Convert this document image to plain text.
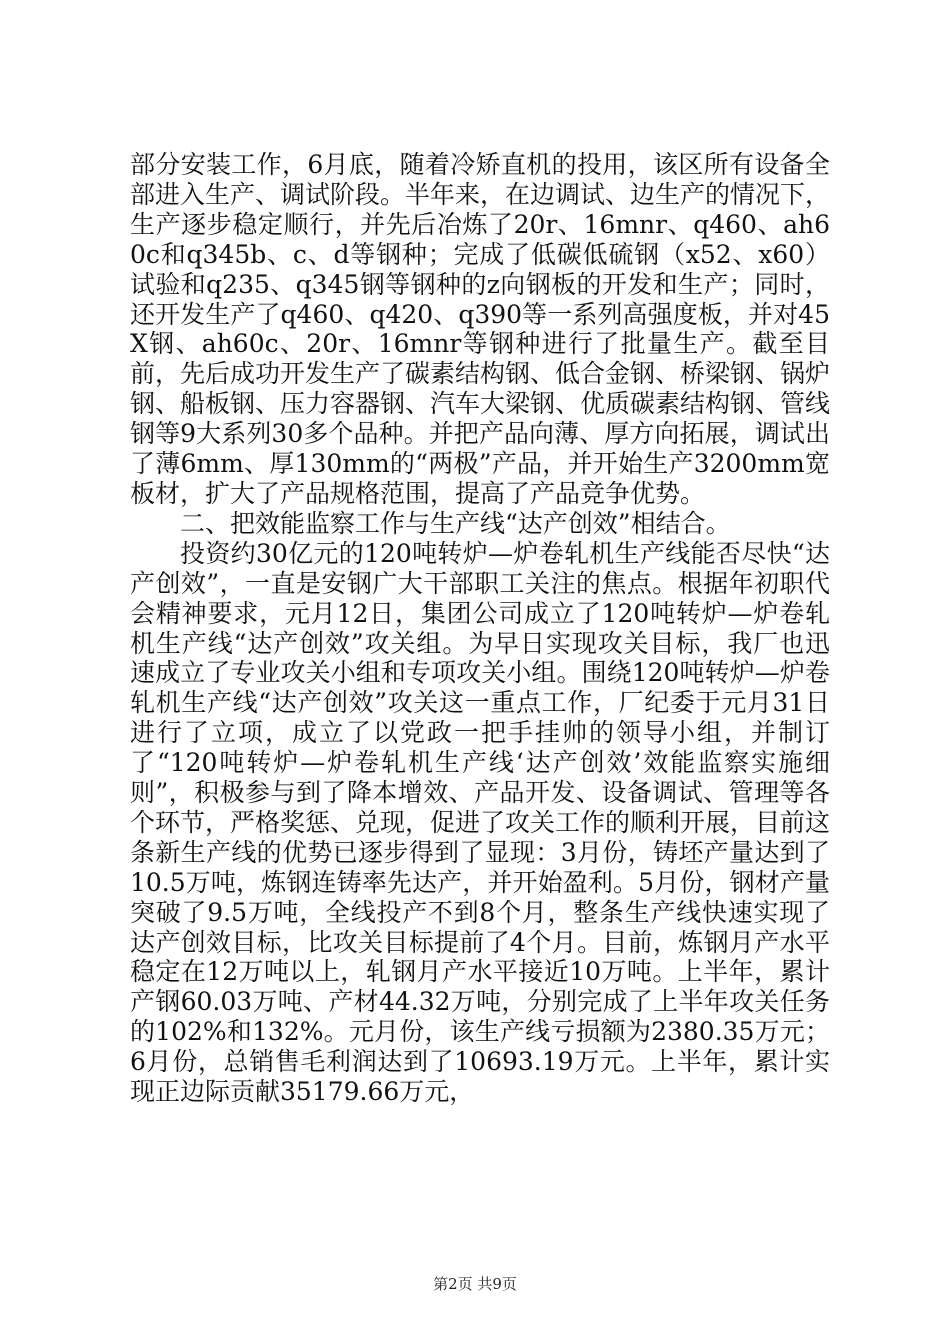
部分安装工作，6月底，随着冷矫直机的投用，该区所有设备全部进入生产、调试阶段。半年来，在边调试、边生产的情况下，生产逐步稳定顺行，并先后冶炼了20r、16mnr、q460、ah60c和q345b、c、d等钢种；完成了低碳低硫钢（x52、x60）试验和q235、q345钢等钢种的z向钢板的开发和生产；同时，还开发生产了q460、q420、q390等一系列高强度板，并对45X钢、ah60c、20r、16mnr等钢种进行了批量生产。截至目前，先后成功开发生产了碳素结构钢、低合金钢、桥梁钢、锅炉钢、船板钢、压力容器钢、汽车大梁钢、优质碳素结构钢、管线钢等9大系列30多个品种。并把产品向薄、厚方向拓展，调试出了薄6mm、厚130mm的“两极”产品，并开始生产3200mm宽板材，扩大了产品规格范围，提高了产品竞争优势。

二、把效能监察工作与生产线“达产创效”相结合。

投资约30亿元的120吨转炉—炉卷轧机生产线能否尽快“达产创效”，一直是安钢广大干部职工关注的焦点。根据年初职代会精神要求，元月12日，集团公司成立了120吨转炉—炉卷轧机生产线“达产创效”攻关组。为早日实现攻关目标，我厂也迅速成立了专业攻关小组和专项攻关小组。围绕120吨转炉—炉卷轧机生产线“达产创效”攻关这一重点工作，厂纪委于元月31日进行了立项，成立了以党政一把手挂帅的领导小组，并制订了“120吨转炉—炉卷轧机生产线‘达产创效’效能监察实施细则”，积极参与到了降本增效、产品开发、设备调试、管理等各个环节，严格奖惩、兑现，促进了攻关工作的顺利开展，目前这条新生产线的优势已逐步得到了显现：3月份，铸坯产量达到了10.5万吨，炼钢连铸率先达产，并开始盈利。5月份，钢材产量突破了9.5万吨，全线投产不到8个月，整条生产线快速实现了达产创效目标，比攻关目标提前了4个月。目前，炼钢月产水平稳定在12万吨以上，轧钢月产水平接近10万吨。上半年，累计产钢60.03万吨、产材44.32万吨，分别完成了上半年攻关任务的102%和132%。元月份，该生产线亏损额为2380.35万元；6月份，总销售毛利润达到了10693.19万元。上半年，累计实现正边际贡献35179.66万元，

第2页 共9页
